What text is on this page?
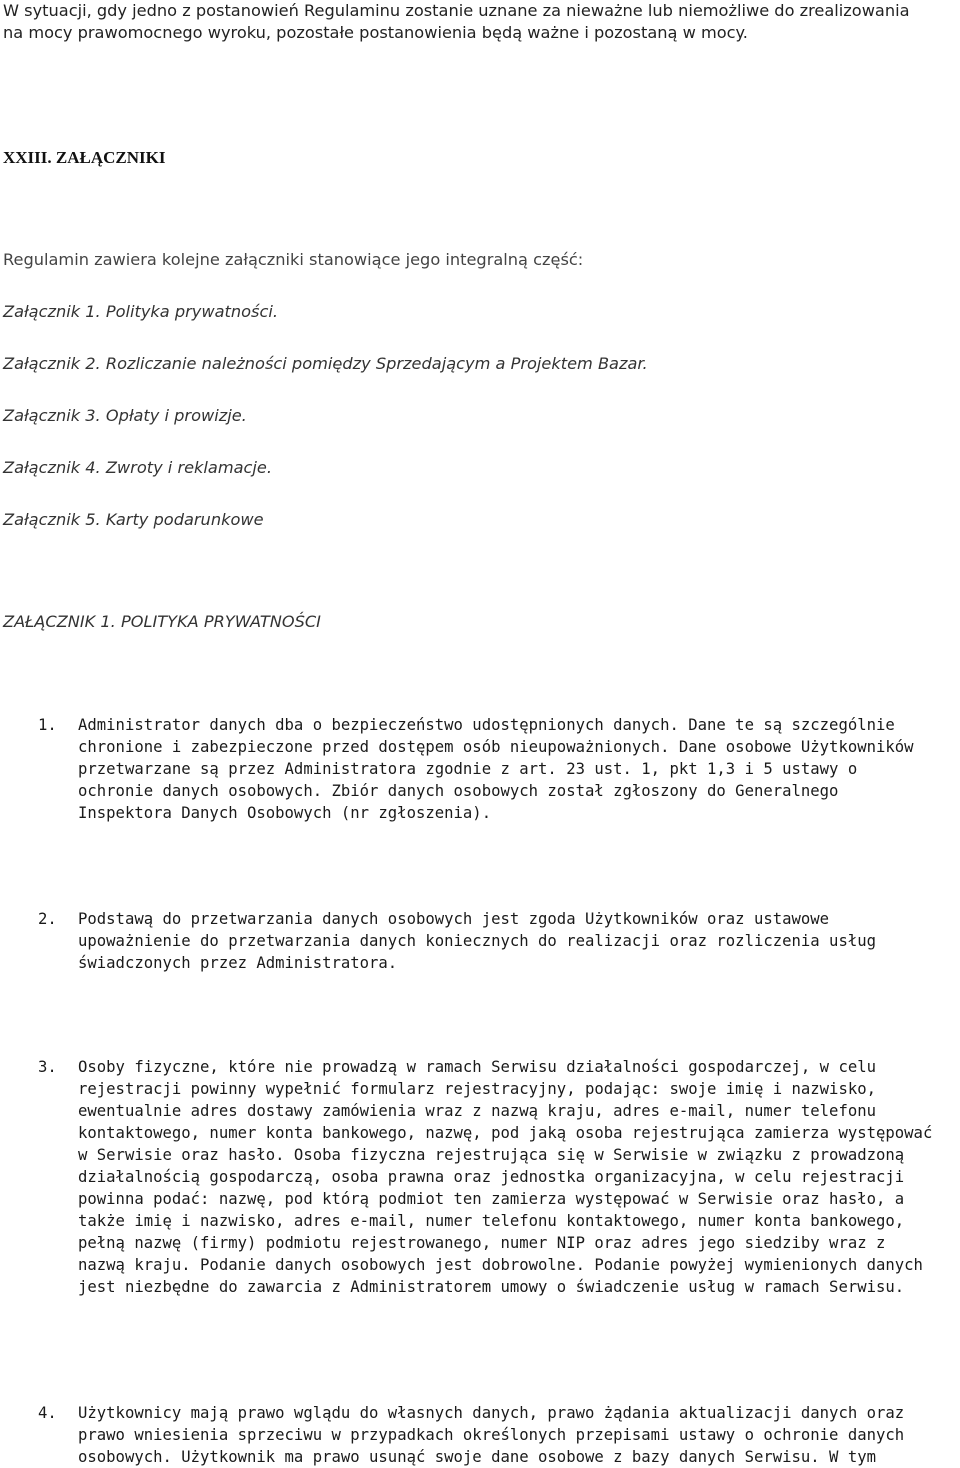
W sytuacji, gdy jedno z postanowień Regulaminu zostanie uznane za nieważne lub niemożliwe do zrealizowania na mocy prawomocnego wyroku, pozostałe postanowienia będą ważne i pozostaną w mocy.

XXIII. ZAŁĄCZNIKI

Regulamin zawiera kolejne załączniki stanowiące jego integralną część:

Załącznik 1. Polityka prywatności.

Załącznik 2. Rozliczanie należności pomiędzy Sprzedającym a Projektem Bazar.

Załącznik 3. Opłaty i prowizje.

Załącznik 4. Zwroty i reklamacje.

Załącznik 5. Karty podarunkowe

ZAŁĄCZNIK 1. POLITYKA PRYWATNOŚCI

1.	Administrator danych dba o bezpieczeństwo udostępnionych danych. Dane te są szczególnie chronione i zabezpieczone przed dostępem osób nieupoważnionych. Dane osobowe Użytkowników przetwarzane są przez Administratora zgodnie z art. 23 ust. 1, pkt 1,3 i 5 ustawy o ochronie danych osobowych. Zbiór danych osobowych został zgłoszony do Generalnego Inspektora Danych Osobowych (nr zgłoszenia).
2.	Podstawą do przetwarzania danych osobowych jest zgoda Użytkowników oraz ustawowe upoważnienie do przetwarzania danych koniecznych do realizacji oraz rozliczenia usług świadczonych przez Administratora.
3.	Osoby fizyczne, które nie prowadzą w ramach Serwisu działalności gospodarczej, w celu rejestracji powinny wypełnić formularz rejestracyjny, podając: swoje imię i nazwisko, ewentualnie adres dostawy zamówienia wraz z nazwą kraju, adres e-mail, numer telefonu kontaktowego, numer konta bankowego, nazwę, pod jaką osoba rejestrująca zamierza występować w Serwisie oraz hasło. Osoba fizyczna rejestrująca się w Serwisie w związku z prowadzoną działalnością gospodarczą, osoba prawna oraz jednostka organizacyjna, w celu rejestracji powinna podać: nazwę, pod którą podmiot ten zamierza występować w Serwisie oraz hasło, a także imię i nazwisko, adres e-mail, numer telefonu kontaktowego, numer konta bankowego, pełną nazwę (firmy) podmiotu rejestrowanego, numer NIP oraz adres jego siedziby wraz z nazwą kraju. Podanie danych osobowych jest dobrowolne. Podanie powyżej wymienionych danych jest niezbędne do zawarcia z Administratorem umowy o świadczenie usług w ramach Serwisu.
4.	Użytkownicy mają prawo wglądu do własnych danych, prawo żądania aktualizacji danych oraz prawo wniesienia sprzeciwu w przypadkach określonych przepisami ustawy o ochronie danych osobowych. Użytkownik ma prawo usunąć swoje dane osobowe z bazy danych Serwisu. W tym
